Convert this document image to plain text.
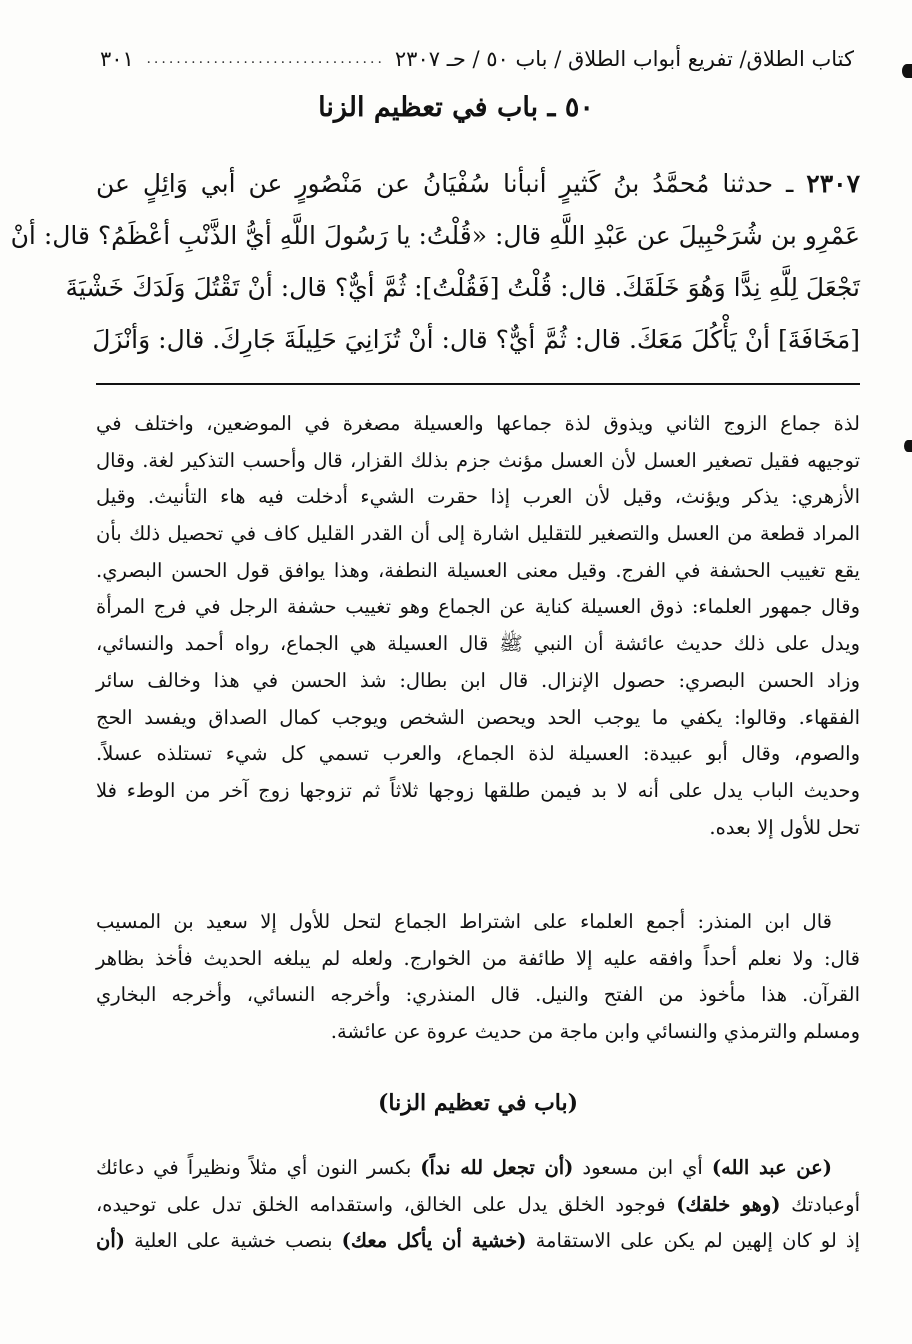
كتاب الطلاق/ تفريع أبواب الطلاق / باب ٥٠ / حـ ٢٣٠٧
................................
٣٠١
٥٠ ـ باب في تعظيم الزنا
٢٣٠٧ ـ حدثنا مُحمَّدُ بنُ كَثيرٍ أنبأنا سُفْيَانُ عن مَنْصُورٍ عن أبي وَائِلٍ عن
عَمْرِو بن شُرَحْبِيلَ عن عَبْدِ اللَّهِ قال: «قُلْتُ: يا رَسُولَ اللَّهِ أيُّ الذَّنْبِ أعْظَمُ؟ قال: أنْ
تَجْعَلَ لِلَّهِ نِدًّا وَهُوَ خَلَقَكَ. قال: قُلْتُ [فَقُلْتُ]: ثُمَّ أيٌّ؟ قال: أنْ تَقْتُلَ وَلَدَكَ خَشْيَةَ
[مَخَافَةَ] أنْ يَأْكُلَ مَعَكَ. قال: ثُمَّ أيٌّ؟ قال: أنْ تُزَانِيَ حَلِيلَةَ جَارِكَ. قال: وَأنْزَلَ
لذة جماع الزوج الثاني ويذوق لذة جماعها والعسيلة مصغرة في الموضعين، واختلف في
توجيهه فقيل تصغير العسل لأن العسل مؤنث جزم بذلك القزار، قال وأحسب التذكير لغة. وقال
الأزهري: يذكر ويؤنث، وقيل لأن العرب إذا حقرت الشيء أدخلت فيه هاء التأنيث. وقيل
المراد قطعة من العسل والتصغير للتقليل اشارة إلى أن القدر القليل كاف في تحصيل ذلك بأن
يقع تغييب الحشفة في الفرج. وقيل معنى العسيلة النطفة، وهذا يوافق قول الحسن البصري.
وقال جمهور العلماء: ذوق العسيلة كناية عن الجماع وهو تغييب حشفة الرجل في فرج المرأة
ويدل على ذلك حديث عائشة أن النبي ﷺ قال العسيلة هي الجماع، رواه أحمد والنسائي،
وزاد الحسن البصري: حصول الإنزال. قال ابن بطال: شذ الحسن في هذا وخالف سائر
الفقهاء. وقالوا: يكفي ما يوجب الحد ويحصن الشخص ويوجب كمال الصداق ويفسد الحج
والصوم، وقال أبو عبيدة: العسيلة لذة الجماع، والعرب تسمي كل شيء تستلذه عسلاً.
وحديث الباب يدل على أنه لا بد فيمن طلقها زوجها ثلاثاً ثم تزوجها زوج آخر من الوطء فلا
تحل للأول إلا بعده.
قال ابن المنذر: أجمع العلماء على اشتراط الجماع لتحل للأول إلا سعيد بن المسيب
قال: ولا نعلم أحداً وافقه عليه إلا طائفة من الخوارج. ولعله لم يبلغه الحديث فأخذ بظاهر
القرآن. هذا مأخوذ من الفتح والنيل. قال المنذري: وأخرجه النسائي، وأخرجه البخاري
ومسلم والترمذي والنسائي وابن ماجة من حديث عروة عن عائشة.
(باب في تعظيم الزنا)
(عن عبد الله) أي ابن مسعود (أن تجعل لله نداً) بكسر النون أي مثلاً ونظيراً في دعائك
أوعبادتك (وهو خلقك) فوجود الخلق يدل على الخالق، واستقدامه الخلق تدل على توحيده،
إذ لو كان إلهين لم يكن على الاستقامة (خشية أن يأكل معك) بنصب خشية على العلية (أن
